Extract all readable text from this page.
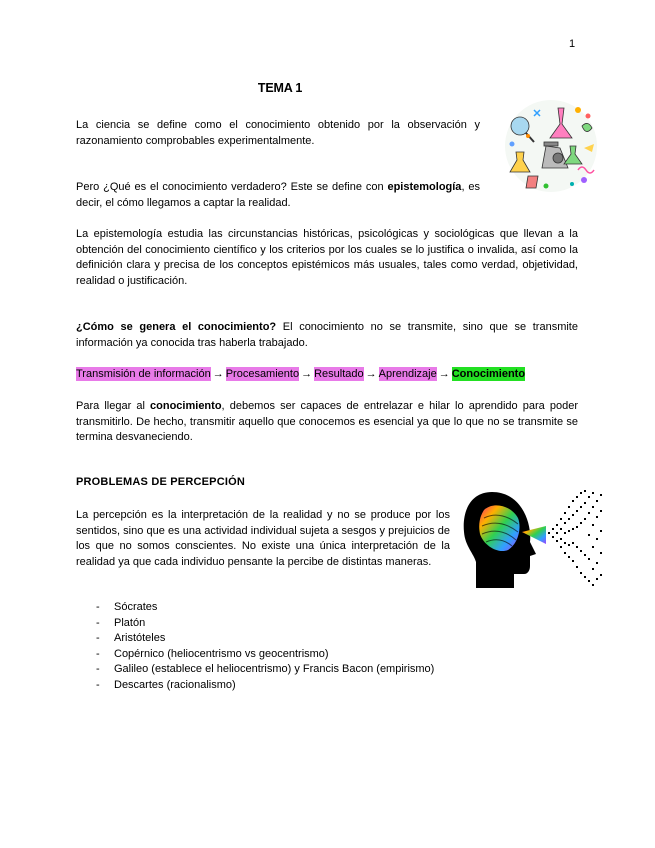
1
TEMA 1
La ciencia se define como el conocimiento obtenido por la observación y razonamiento comprobables experimentalmente.
Pero ¿Qué es el conocimiento verdadero? Este se define con epistemología, es decir, el cómo llegamos a captar la realidad.
La epistemología estudia las circunstancias históricas, psicológicas y sociológicas que llevan a la obtención del conocimiento científico y los criterios por los cuales se lo justifica o invalida, así como la definición clara y precisa de los conceptos epistémicos más usuales, tales como verdad, objetividad, realidad o justificación.
¿Cómo se genera el conocimiento? El conocimiento no se transmite, sino que se transmite información ya conocida tras haberla trabajado.
Transmisión de información → Procesamiento → Resultado → Aprendizaje → Conocimiento
Para llegar al conocimiento, debemos ser capaces de entrelazar e hilar lo aprendido para poder transmitirlo. De hecho, transmitir aquello que conocemos es esencial ya que lo que no se transmite se termina desvaneciendo.
PROBLEMAS DE PERCEPCIÓN
La percepción es la interpretación de la realidad y no se produce por los sentidos, sino que es una actividad individual sujeta a sesgos y prejuicios de los que no somos conscientes. No existe una única interpretación de la realidad ya que cada individuo pensante la percibe de distintas maneras.
- Sócrates
- Platón
- Aristóteles
- Copérnico (heliocentrismo vs geocentrismo)
- Galileo (establece el heliocentrismo) y Francis Bacon (empirismo)
- Descartes (racionalismo)
